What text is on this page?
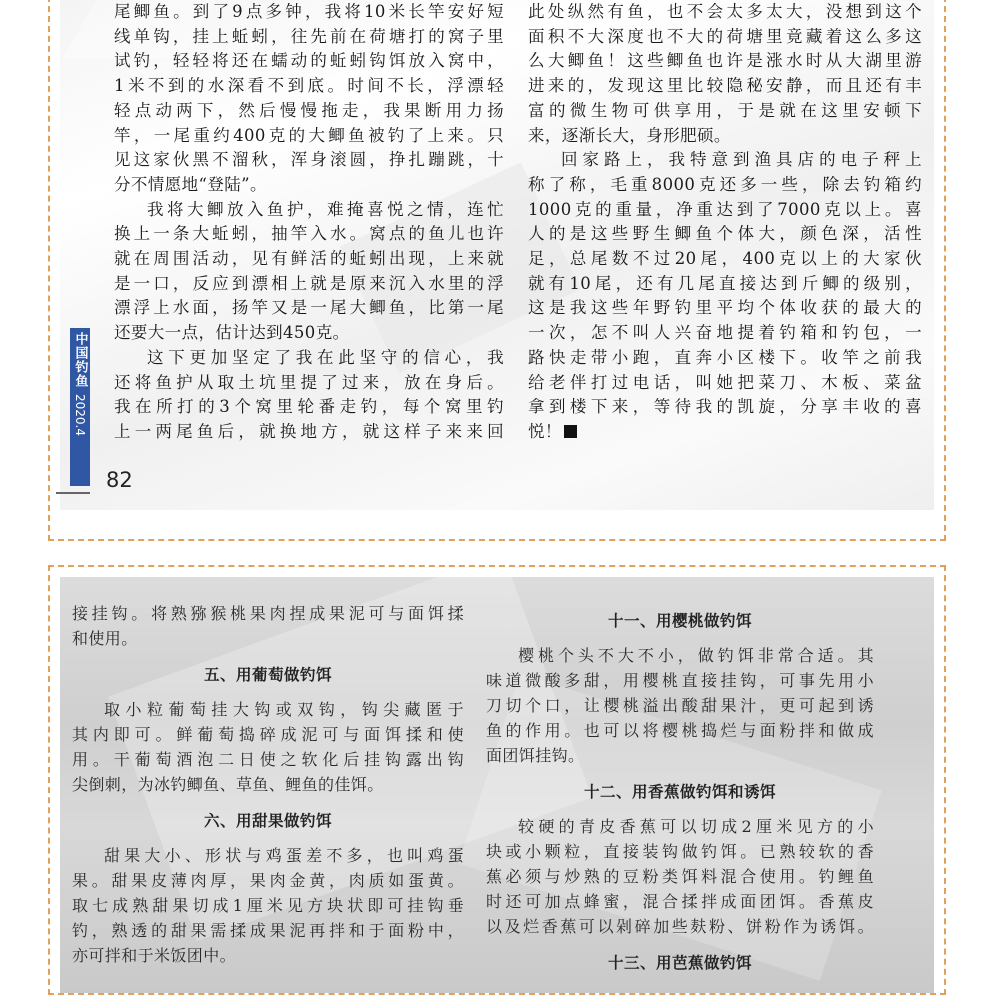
尾鲫鱼。到了9点多钟，我将10米长竿安好短

线单钩，挂上蚯蚓，往先前在荷塘打的窝子里

试钓，轻轻将还在蠕动的蚯蚓钩饵放入窝中，

1米不到的水深看不到底。时间不长，浮漂轻

轻点动两下，然后慢慢拖走，我果断用力扬

竿，一尾重约400克的大鲫鱼被钓了上来。只

见这家伙黑不溜秋，浑身滚圆，挣扎蹦跳，十

分不情愿地“登陆”。

我将大鲫放入鱼护，难掩喜悦之情，连忙

换上一条大蚯蚓，抽竿入水。窝点的鱼儿也许

就在周围活动，见有鲜活的蚯蚓出现，上来就

是一口，反应到漂相上就是原来沉入水里的浮

漂浮上水面，扬竿又是一尾大鲫鱼，比第一尾

还要大一点，估计达到450克。

这下更加坚定了我在此坚守的信心，我

还将鱼护从取土坑里提了过来，放在身后。

我在所打的3个窝里轮番走钓，每个窝里钓

上一两尾鱼后，就换地方，就这样子来来回

此处纵然有鱼，也不会太多太大，没想到这个

面积不大深度也不大的荷塘里竟藏着这么多这

么大鲫鱼！这些鲫鱼也许是涨水时从大湖里游

进来的，发现这里比较隐秘安静，而且还有丰

富的微生物可供享用，于是就在这里安顿下

来，逐渐长大，身形肥硕。

回家路上，我特意到渔具店的电子秤上

称了称，毛重8000克还多一些，除去钓箱约

1000克的重量，净重达到了7000克以上。喜

人的是这些野生鲫鱼个体大，颜色深，活性

足，总尾数不过20尾，400克以上的大家伙

就有10尾，还有几尾直接达到斤鲫的级别，

这是我这些年野钓里平均个体收获的最大的

一次，怎不叫人兴奋地提着钓箱和钓包，一

路快走带小跑，直奔小区楼下。收竿之前我

给老伴打过电话，叫她把菜刀、木板、菜盆

拿到楼下来，等待我的凯旋，分享丰收的喜

悦！

中国钓鱼
2020.4
82

接挂钩。将熟猕猴桃果肉捏成果泥可与面饵揉

和使用。

五、用葡萄做钓饵

取小粒葡萄挂大钩或双钩，钩尖藏匿于

其内即可。鲜葡萄捣碎成泥可与面饵揉和使

用。干葡萄酒泡二日使之软化后挂钩露出钩

尖倒刺，为冰钓鲫鱼、草鱼、鲤鱼的佳饵。

六、用甜果做钓饵

甜果大小、形状与鸡蛋差不多，也叫鸡蛋

果。甜果皮薄肉厚，果肉金黄，肉质如蛋黄。

取七成熟甜果切成1厘米见方块状即可挂钩垂

钓，熟透的甜果需揉成果泥再拌和于面粉中，

亦可拌和于米饭团中。

十一、用樱桃做钓饵

樱桃个头不大不小，做钓饵非常合适。其

味道微酸多甜，用樱桃直接挂钩，可事先用小

刀切个口，让樱桃溢出酸甜果汁，更可起到诱

鱼的作用。也可以将樱桃捣烂与面粉拌和做成

面团饵挂钩。

十二、用香蕉做钓饵和诱饵

较硬的青皮香蕉可以切成2厘米见方的小

块或小颗粒，直接装钩做钓饵。已熟较软的香

蕉必须与炒熟的豆粉类饵料混合使用。钓鲤鱼

时还可加点蜂蜜，混合揉拌成面团饵。香蕉皮

以及烂香蕉可以剁碎加些麸粉、饼粉作为诱饵。

十三、用芭蕉做钓饵
